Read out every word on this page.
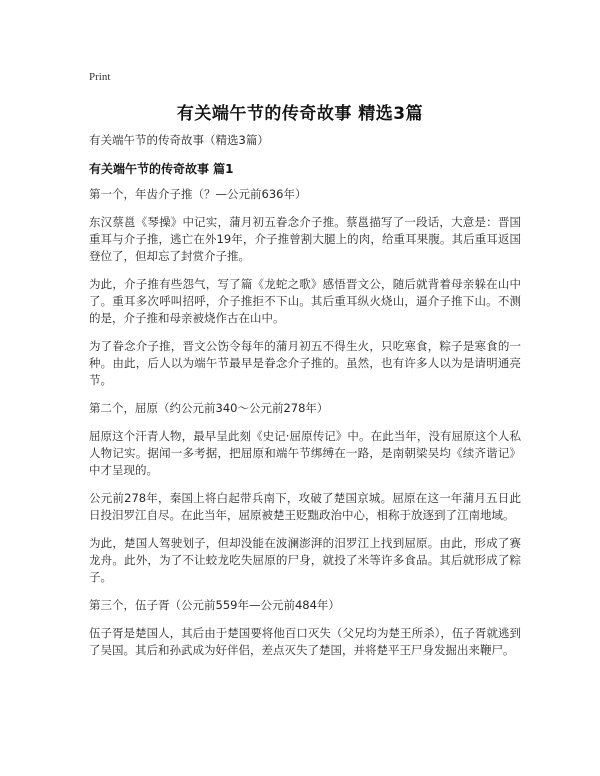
Print
有关端午节的传奇故事 精选3篇
有关端午节的传奇故事（精选3篇）
有关端午节的传奇故事 篇1

第一个，年齿介子推（？—公元前636年）

东汉蔡邕《琴操》中记实，蒲月初五眷念介子推。蔡邕描写了一段话，大意是：晋国重耳与介子推，逃亡在外19年，介子推曾割大腿上的肉，给重耳果腹。其后重耳返国登位了，但却忘了封赏介子推。

为此，介子推有些怨气，写了篇《龙蛇之歌》感悟晋文公，随后就背着母亲躲在山中了。重耳多次呼叫招呼，介子推拒不下山。其后重耳纵火烧山，逼介子推下山。不测的是，介子推和母亲被烧作古在山中。

为了眷念介子推，晋文公饬令每年的蒲月初五不得生火，只吃寒食，粽子是寒食的一种。由此，后人以为端午节最早是眷念介子推的。虽然，也有许多人以为是请明通亮节。

第二个，屈原（约公元前340～公元前278年）

屈原这个汗青人物，最早呈此刻《史记·屈原传记》中。在此当年，没有屈原这个人私人物记实。据闻一多考据，把屈原和端午节绑缚在一路，是南朝梁吴均《续齐谐记》中才呈现的。

公元前278年，秦国上将白起带兵南下，攻破了楚国京城。屈原在这一年蒲月五日此日投汨罗江自尽。在此当年，屈原被楚王贬黜政治中心，相称于放逐到了江南地域。

为此，楚国人驾驶划子，但却没能在波澜澎湃的汨罗江上找到屈原。由此，形成了赛龙舟。此外，为了不让蛟龙吃失屈原的尸身，就投了米等许多食品。其后就形成了粽子。

第三个，伍子胥（公元前559年—公元前484年）

伍子胥是楚国人，其后由于楚国要将他百口灭失（父兄均为楚王所杀），伍子胥就逃到了吴国。其后和孙武成为好伴侣，差点灭失了楚国，并将楚平王尸身发掘出来鞭尸。
